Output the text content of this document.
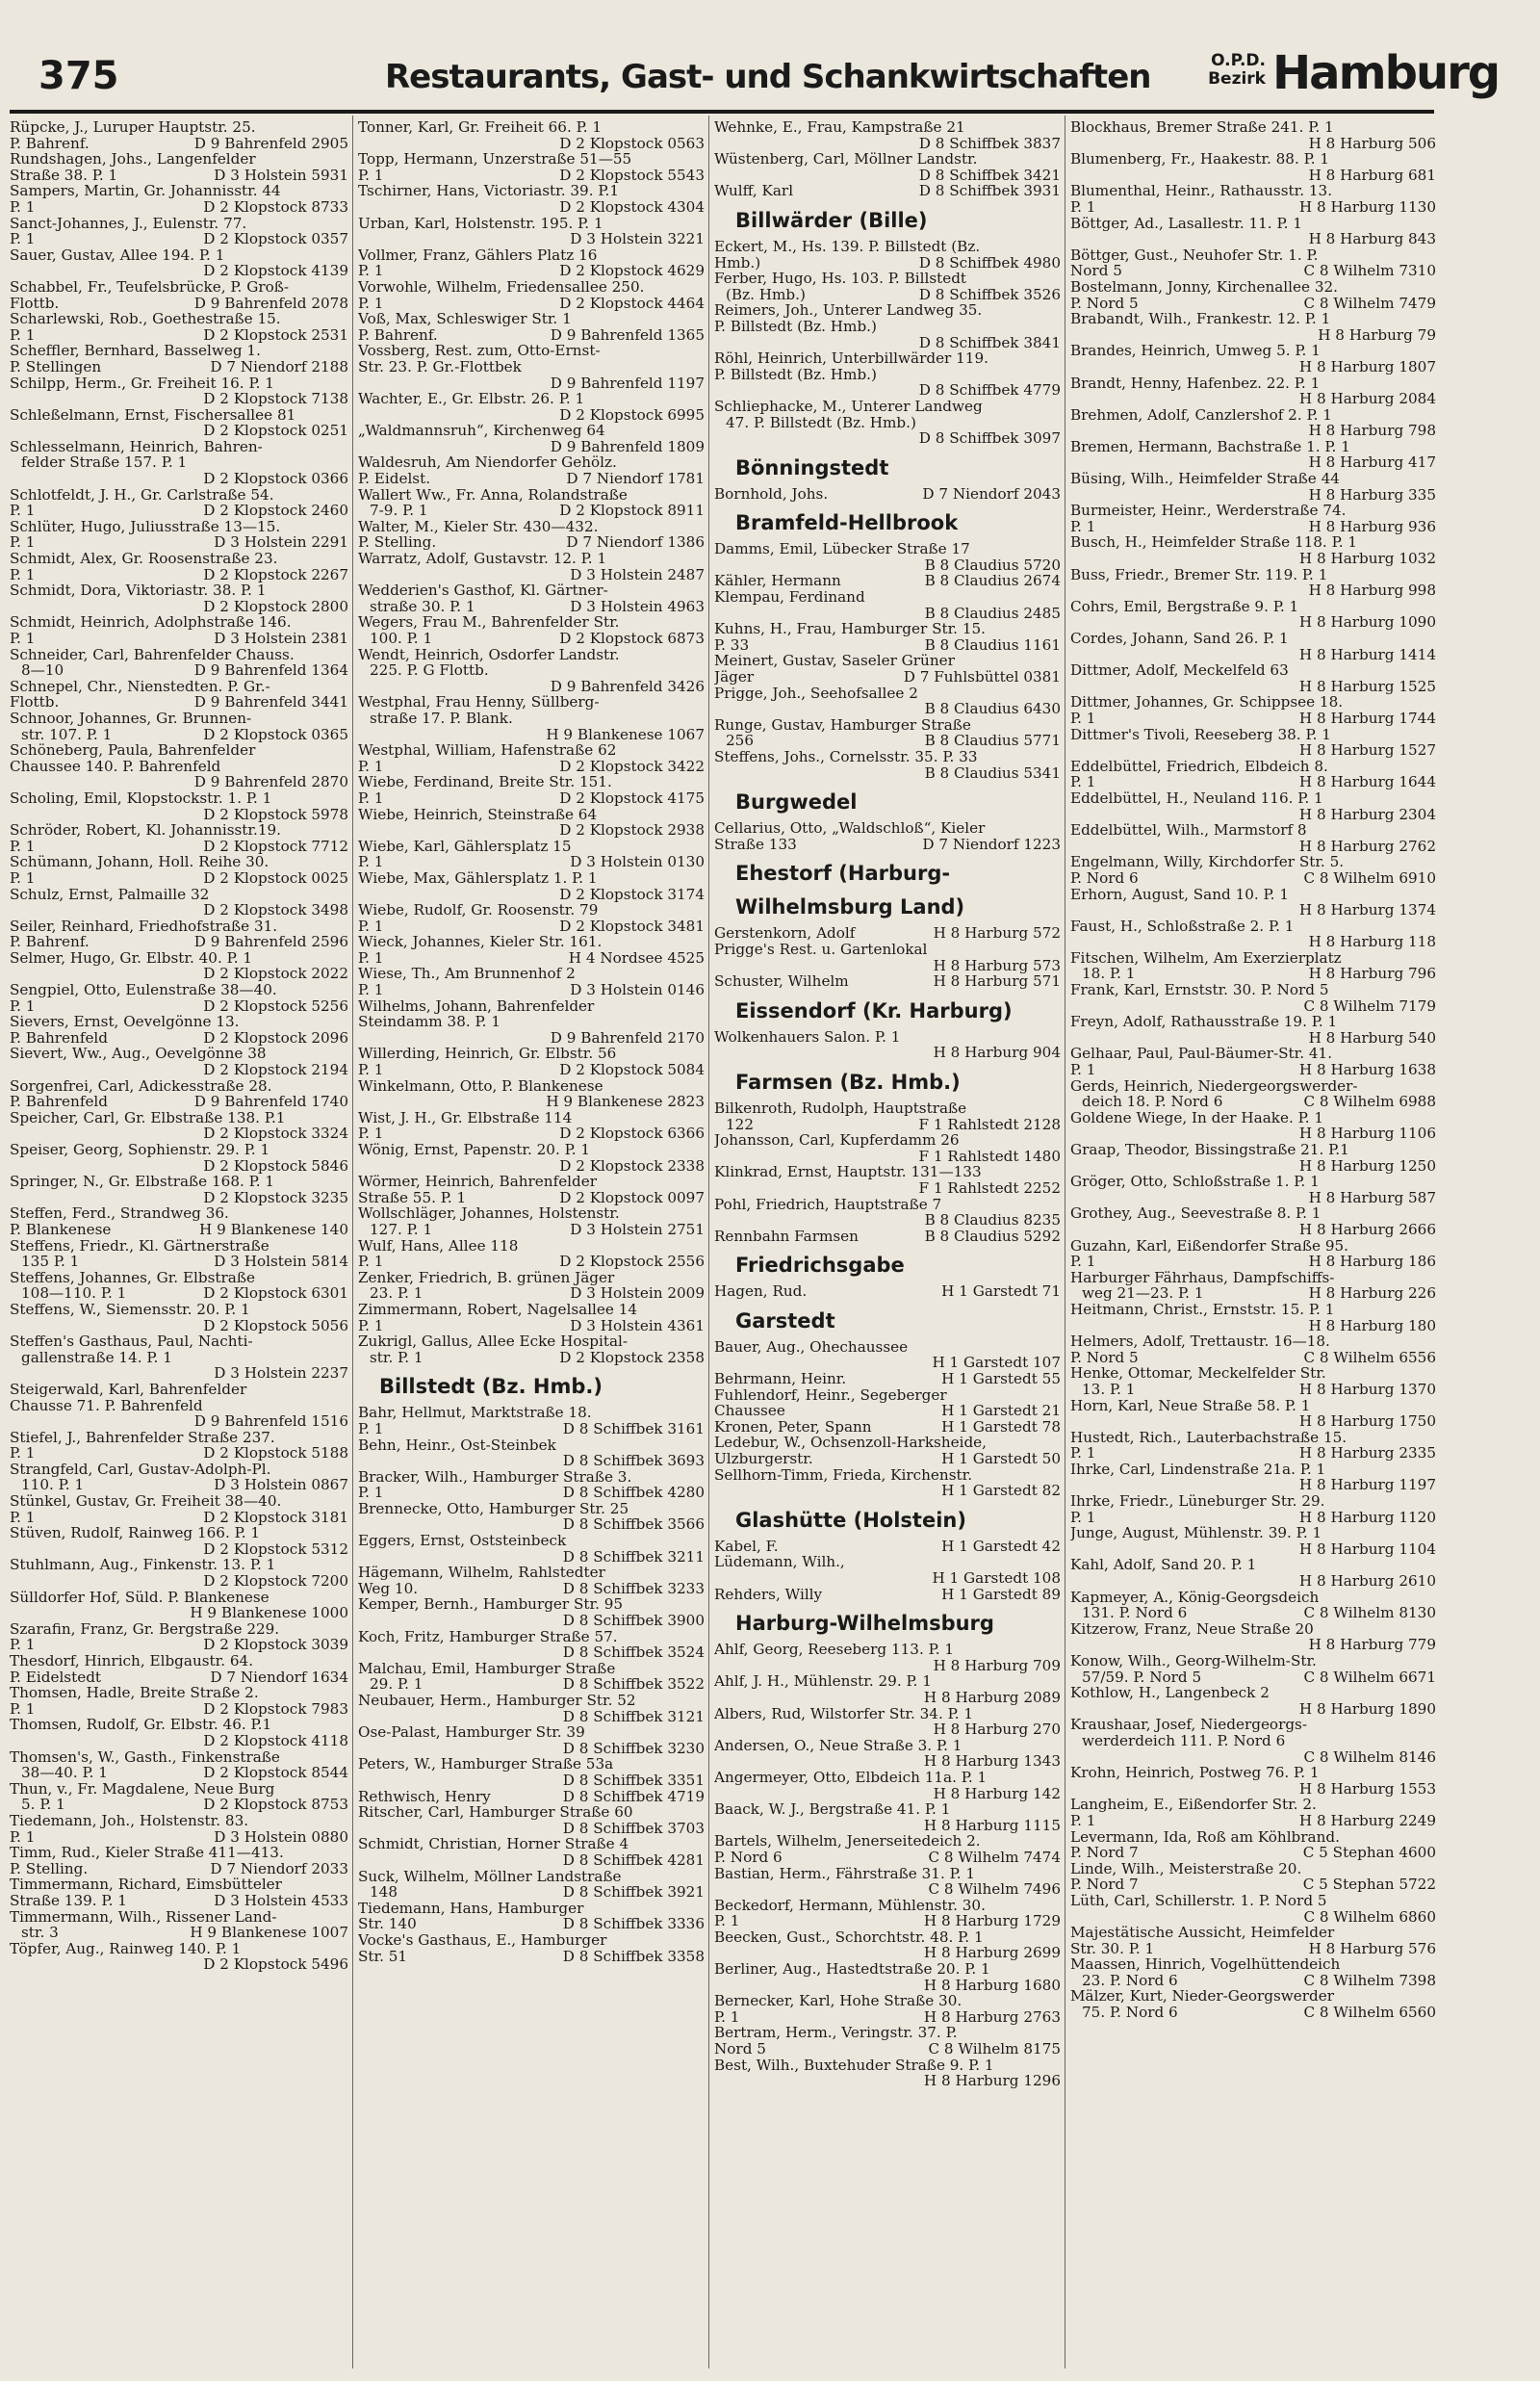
375	Restaurants, Gast- und Schankwirtschaften	O.P.D.
Bezirk Hamburg
Rüpcke, J., Luruper Hauptstr. 25.
D 9 Bahrenfeld 2905
P. Bahrenf.
Rundshagen, Johs., Langenfelder
D 3 Holstein 5931
Straße 38. P. 1
Sampers, Martin, Gr. Johannisstr. 44
D 2 Klopstock 8733
P. 1
Sanct-Johannes, J., Eulenstr. 77.
D 2 Klopstock 0357
P. 1
Sauer, Gustav, Allee 194. P. 1
D 2 Klopstock 4139
Schabbel, Fr., Teufelsbrücke, P. Groß-
D 9 Bahrenfeld 2078
Flottb.
Scharlewski, Rob., Goethestraße 15.
D 2 Klopstock 2531
P. 1
Scheffler, Bernhard, Basselweg 1.
D 7 Niendorf 2188
P. Stellingen
Schilpp, Herm., Gr. Freiheit 16. P. 1
D 2 Klopstock 7138
Schleßelmann, Ernst, Fischersallee 81
D 2 Klopstock 0251
Schlesselmann, Heinrich, Bahren-
felder Straße 157. P. 1
D 2 Klopstock 0366
Schlotfeldt, J. H., Gr. Carlstraße 54.
D 2 Klopstock 2460
P. 1
Schlüter, Hugo, Juliusstraße 13—15.
D 3 Holstein 2291
P. 1
Schmidt, Alex, Gr. Roosenstraße 23.
D 2 Klopstock 2267
P. 1
Schmidt, Dora, Viktoriastr. 38. P. 1
D 2 Klopstock 2800
Schmidt, Heinrich, Adolphstraße 146.
D 3 Holstein 2381
P. 1
Schneider, Carl, Bahrenfelder Chauss.
D 9 Bahrenfeld 1364
8—10
Schnepel, Chr., Nienstedten. P. Gr.-
D 9 Bahrenfeld 3441
Flottb.
Schnoor, Johannes, Gr. Brunnen-
D 2 Klopstock 0365
str. 107. P. 1
Schöneberg, Paula, Bahrenfelder
Chaussee 140. P. Bahrenfeld
D 9 Bahrenfeld 2870
Scholing, Emil, Klopstockstr. 1. P. 1
D 2 Klopstock 5978
Schröder, Robert, Kl. Johannisstr.19.
D 2 Klopstock 7712
P. 1
Schümann, Johann, Holl. Reihe 30.
D 2 Klopstock 0025
P. 1
Schulz, Ernst, Palmaille 32
D 2 Klopstock 3498
Seiler, Reinhard, Friedhofstraße 31.
D 9 Bahrenfeld 2596
P. Bahrenf.
Selmer, Hugo, Gr. Elbstr. 40. P. 1
D 2 Klopstock 2022
Sengpiel, Otto, Eulenstraße 38—40.
D 2 Klopstock 5256
P. 1
Sievers, Ernst, Oevelgönne 13.
D 2 Klopstock 2096
P. Bahrenfeld
Sievert, Ww., Aug., Oevelgönne 38
D 2 Klopstock 2194
Sorgenfrei, Carl, Adickesstraße 28.
D 9 Bahrenfeld 1740
P. Bahrenfeld
Speicher, Carl, Gr. Elbstraße 138. P.1
D 2 Klopstock 3324
Speiser, Georg, Sophienstr. 29. P. 1
D 2 Klopstock 5846
Springer, N., Gr. Elbstraße 168. P. 1
D 2 Klopstock 3235
Steffen, Ferd., Strandweg 36.
H 9 Blankenese 140
P. Blankenese
Steffens, Friedr., Kl. Gärtnerstraße
D 3 Holstein 5814
135 P. 1
Steffens, Johannes, Gr. Elbstraße
D 2 Klopstock 6301
108—110. P. 1
Steffens, W., Siemensstr. 20. P. 1
D 2 Klopstock 5056
Steffen's Gasthaus, Paul, Nachti-
gallenstraße 14. P. 1
D 3 Holstein 2237
Steigerwald, Karl, Bahrenfelder
Chausse 71. P. Bahrenfeld
D 9 Bahrenfeld 1516
Stiefel, J., Bahrenfelder Straße 237.
D 2 Klopstock 5188
P. 1
Strangfeld, Carl, Gustav-Adolph-Pl.
D 3 Holstein 0867
110. P. 1
Stünkel, Gustav, Gr. Freiheit 38—40.
D 2 Klopstock 3181
P. 1
Stüven, Rudolf, Rainweg 166. P. 1
D 2 Klopstock 5312
Stuhlmann, Aug., Finkenstr. 13. P. 1
D 2 Klopstock 7200
Sülldorfer Hof, Süld. P. Blankenese
H 9 Blankenese 1000
Szarafin, Franz, Gr. Bergstraße 229.
D 2 Klopstock 3039
P. 1
Thesdorf, Hinrich, Elbgaustr. 64.
D 7 Niendorf 1634
P. Eidelstedt
Thomsen, Hadle, Breite Straße 2.
D 2 Klopstock 7983
P. 1
Thomsen, Rudolf, Gr. Elbstr. 46. P.1
D 2 Klopstock 4118
Thomsen's, W., Gasth., Finkenstraße
D 2 Klopstock 8544
38—40. P. 1
Thun, v., Fr. Magdalene, Neue Burg
D 2 Klopstock 8753
5. P. 1
Tiedemann, Joh., Holstenstr. 83.
D 3 Holstein 0880
P. 1
Timm, Rud., Kieler Straße 411—413.
D 7 Niendorf 2033
P. Stelling.
Timmermann, Richard, Eimsbütteler
D 3 Holstein 4533
Straße 139. P. 1
Timmermann, Wilh., Rissener Land-
H 9 Blankenese 1007
str. 3
Töpfer, Aug., Rainweg 140. P. 1
D 2 Klopstock 5496
Tonner, Karl, Gr. Freiheit 66. P. 1
D 2 Klopstock 0563
Topp, Hermann, Unzerstraße 51—55
D 2 Klopstock 5543
P. 1
Tschirner, Hans, Victoriastr. 39. P.1
D 2 Klopstock 4304
Urban, Karl, Holstenstr. 195. P. 1
D 3 Holstein 3221
Vollmer, Franz, Gählers Platz 16
D 2 Klopstock 4629
P. 1
Vorwohle, Wilhelm, Friedensallee 250.
D 2 Klopstock 4464
P. 1
Voß, Max, Schleswiger Str. 1
D 9 Bahrenfeld 1365
P. Bahrenf.
Vossberg, Rest. zum, Otto-Ernst-
Str. 23. P. Gr.-Flottbek
D 9 Bahrenfeld 1197
Wachter, E., Gr. Elbstr. 26. P. 1
D 2 Klopstock 6995
„Waldmannsruh“, Kirchenweg 64
D 9 Bahrenfeld 1809
Waldesruh, Am Niendorfer Gehölz.
D 7 Niendorf 1781
P. Eidelst.
Wallert Ww., Fr. Anna, Rolandstraße
D 2 Klopstock 8911
7-9. P. 1
Walter, M., Kieler Str. 430—432.
D 7 Niendorf 1386
P. Stelling.
Warratz, Adolf, Gustavstr. 12. P. 1
D 3 Holstein 2487
Wedderien's Gasthof, Kl. Gärtner-
D 3 Holstein 4963
straße 30. P. 1
Wegers, Frau M., Bahrenfelder Str.
D 2 Klopstock 6873
100. P. 1
Wendt, Heinrich, Osdorfer Landstr.
225. P. G Flottb.
D 9 Bahrenfeld 3426
Westphal, Frau Henny, Süllberg-
straße 17. P. Blank.
H 9 Blankenese 1067
Westphal, William, Hafenstraße 62
D 2 Klopstock 3422
P. 1
Wiebe, Ferdinand, Breite Str. 151.
D 2 Klopstock 4175
P. 1
Wiebe, Heinrich, Steinstraße 64
D 2 Klopstock 2938
Wiebe, Karl, Gählersplatz 15
D 3 Holstein 0130
P. 1
Wiebe, Max, Gählersplatz 1. P. 1
D 2 Klopstock 3174
Wiebe, Rudolf, Gr. Roosenstr. 79
D 2 Klopstock 3481
P. 1
Wieck, Johannes, Kieler Str. 161.
H 4 Nordsee 4525
P. 1
Wiese, Th., Am Brunnenhof 2
D 3 Holstein 0146
P. 1
Wilhelms, Johann, Bahrenfelder
Steindamm 38. P. 1
D 9 Bahrenfeld 2170
Willerding, Heinrich, Gr. Elbstr. 56
D 2 Klopstock 5084
P. 1
Winkelmann, Otto, P. Blankenese
H 9 Blankenese 2823
Wist, J. H., Gr. Elbstraße 114
D 2 Klopstock 6366
P. 1
Wönig, Ernst, Papenstr. 20. P. 1
D 2 Klopstock 2338
Wörmer, Heinrich, Bahrenfelder
D 2 Klopstock 0097
Straße 55. P. 1
Wollschläger, Johannes, Holstenstr.
D 3 Holstein 2751
127. P. 1
Wulf, Hans, Allee 118
D 2 Klopstock 2556
P. 1
Zenker, Friedrich, B. grünen Jäger
D 3 Holstein 2009
23. P. 1
Zimmermann, Robert, Nagelsallee 14
D 3 Holstein 4361
P. 1
Zukrigl, Gallus, Allee Ecke Hospital-
D 2 Klopstock 2358
str. P. 1
Billstedt (Bz. Hmb.)
Bahr, Hellmut, Marktstraße 18.
D 8 Schiffbek 3161
P. 1
Behn, Heinr., Ost-Steinbek
D 8 Schiffbek 3693
Bracker, Wilh., Hamburger Straße 3.
D 8 Schiffbek 4280
P. 1
Brennecke, Otto, Hamburger Str. 25
D 8 Schiffbek 3566
Eggers, Ernst, Oststeinbeck
D 8 Schiffbek 3211
Hägemann, Wilhelm, Rahlstedter
D 8 Schiffbek 3233
Weg 10.
Kemper, Bernh., Hamburger Str. 95
D 8 Schiffbek 3900
Koch, Fritz, Hamburger Straße 57.
D 8 Schiffbek 3524
Malchau, Emil, Hamburger Straße
D 8 Schiffbek 3522
29. P. 1
Neubauer, Herm., Hamburger Str. 52
D 8 Schiffbek 3121
Ose-Palast, Hamburger Str. 39
D 8 Schiffbek 3230
Peters, W., Hamburger Straße 53a
D 8 Schiffbek 3351
D 8 Schiffbek 4719
Rethwisch, Henry
Ritscher, Carl, Hamburger Straße 60
D 8 Schiffbek 3703
Schmidt, Christian, Horner Straße 4
D 8 Schiffbek 4281
Suck, Wilhelm, Möllner Landstraße
D 8 Schiffbek 3921
148
Tiedemann, Hans, Hamburger
D 8 Schiffbek 3336
Str. 140
Vocke's Gasthaus, E., Hamburger
D 8 Schiffbek 3358
Str. 51
Wehnke, E., Frau, Kampstraße 21
D 8 Schiffbek 3837
Wüstenberg, Carl, Möllner Landstr.
D 8 Schiffbek 3421
D 8 Schiffbek 3931
Wulff, Karl
Billwärder (Bille)
Eckert, M., Hs. 139. P. Billstedt (Bz.
D 8 Schiffbek 4980
Hmb.)
Ferber, Hugo, Hs. 103. P. Billstedt
D 8 Schiffbek 3526
(Bz. Hmb.)
Reimers, Joh., Unterer Landweg 35.
P. Billstedt (Bz. Hmb.)
D 8 Schiffbek 3841
Röhl, Heinrich, Unterbillwärder 119.
P. Billstedt (Bz. Hmb.)
D 8 Schiffbek 4779
Schliephacke, M., Unterer Landweg
47. P. Billstedt (Bz. Hmb.)
D 8 Schiffbek 3097
Bönningstedt
D 7 Niendorf 2043
Bornhold, Johs.
Bramfeld-Hellbrook
Damms, Emil, Lübecker Straße 17
B 8 Claudius 5720
B 8 Claudius 2674
Kähler, Hermann
Klempau, Ferdinand
B 8 Claudius 2485
Kuhns, H., Frau, Hamburger Str. 15.
B 8 Claudius 1161
P. 33
Meinert, Gustav, Saseler Grüner
D 7 Fuhlsbüttel 0381
Jäger
Prigge, Joh., Seehofsallee 2
B 8 Claudius 6430
Runge, Gustav, Hamburger Straße
B 8 Claudius 5771
256
Steffens, Johs., Cornelsstr. 35. P. 33
B 8 Claudius 5341
Burgwedel
Cellarius, Otto, „Waldschloß“, Kieler
D 7 Niendorf 1223
Straße 133
Ehestorf (Harburg-
Wilhelmsburg Land)
H 8 Harburg 572
Gerstenkorn, Adolf
Prigge's Rest. u. Gartenlokal
H 8 Harburg 573
H 8 Harburg 571
Schuster, Wilhelm
Eissendorf (Kr. Harburg)
Wolkenhauers Salon. P. 1
H 8 Harburg 904
Farmsen (Bz. Hmb.)
Bilkenroth, Rudolph, Hauptstraße
F 1 Rahlstedt 2128
122
Johansson, Carl, Kupferdamm 26
F 1 Rahlstedt 1480
Klinkrad, Ernst, Hauptstr. 131—133
F 1 Rahlstedt 2252
Pohl, Friedrich, Hauptstraße 7
B 8 Claudius 8235
B 8 Claudius 5292
Rennbahn Farmsen
Friedrichsgabe
H 1 Garstedt 71
Hagen, Rud.
Garstedt
Bauer, Aug., Ohechaussee
H 1 Garstedt 107
H 1 Garstedt 55
Behrmann, Heinr.
Fuhlendorf, Heinr., Segeberger
H 1 Garstedt 21
Chaussee
H 1 Garstedt 78
Kronen, Peter, Spann
Ledebur, W., Ochsenzoll-Harksheide,
H 1 Garstedt 50
Ulzburgerstr.
Sellhorn-Timm, Frieda, Kirchenstr.
H 1 Garstedt 82
Glashütte (Holstein)
H 1 Garstedt 42
Kabel, F.
Lüdemann, Wilh.,
H 1 Garstedt 108
H 1 Garstedt 89
Rehders, Willy
Harburg-Wilhelmsburg
Ahlf, Georg, Reeseberg 113. P. 1
H 8 Harburg 709
Ahlf, J. H., Mühlenstr. 29. P. 1
H 8 Harburg 2089
Albers, Rud, Wilstorfer Str. 34. P. 1
H 8 Harburg 270
Andersen, O., Neue Straße 3. P. 1
H 8 Harburg 1343
Angermeyer, Otto, Elbdeich 11a. P. 1
H 8 Harburg 142
Baack, W. J., Bergstraße 41. P. 1
H 8 Harburg 1115
Bartels, Wilhelm, Jenerseitedeich 2.
C 8 Wilhelm 7474
P. Nord 6
Bastian, Herm., Fährstraße 31. P. 1
C 8 Wilhelm 7496
Beckedorf, Hermann, Mühlenstr. 30.
H 8 Harburg 1729
P. 1
Beecken, Gust., Schorchtstr. 48. P. 1
H 8 Harburg 2699
Berliner, Aug., Hastedtstraße 20. P. 1
H 8 Harburg 1680
Bernecker, Karl, Hohe Straße 30.
H 8 Harburg 2763
P. 1
Bertram, Herm., Veringstr. 37. P.
C 8 Wilhelm 8175
Nord 5
Best, Wilh., Buxtehuder Straße 9. P. 1
H 8 Harburg 1296
Blockhaus, Bremer Straße 241. P. 1
H 8 Harburg 506
Blumenberg, Fr., Haakestr. 88. P. 1
H 8 Harburg 681
Blumenthal, Heinr., Rathausstr. 13.
H 8 Harburg 1130
P. 1
Böttger, Ad., Lasallestr. 11. P. 1
H 8 Harburg 843
Böttger, Gust., Neuhofer Str. 1. P.
C 8 Wilhelm 7310
Nord 5
Bostelmann, Jonny, Kirchenallee 32.
C 8 Wilhelm 7479
P. Nord 5
Brabandt, Wilh., Frankestr. 12. P. 1
H 8 Harburg 79
Brandes, Heinrich, Umweg 5. P. 1
H 8 Harburg 1807
Brandt, Henny, Hafenbez. 22. P. 1
H 8 Harburg 2084
Brehmen, Adolf, Canzlershof 2. P. 1
H 8 Harburg 798
Bremen, Hermann, Bachstraße 1. P. 1
H 8 Harburg 417
Büsing, Wilh., Heimfelder Straße 44
H 8 Harburg 335
Burmeister, Heinr., Werderstraße 74.
H 8 Harburg 936
P. 1
Busch, H., Heimfelder Straße 118. P. 1
H 8 Harburg 1032
Buss, Friedr., Bremer Str. 119. P. 1
H 8 Harburg 998
Cohrs, Emil, Bergstraße 9. P. 1
H 8 Harburg 1090
Cordes, Johann, Sand 26. P. 1
H 8 Harburg 1414
Dittmer, Adolf, Meckelfeld 63
H 8 Harburg 1525
Dittmer, Johannes, Gr. Schippsee 18.
H 8 Harburg 1744
P. 1
Dittmer's Tivoli, Reeseberg 38. P. 1
H 8 Harburg 1527
Eddelbüttel, Friedrich, Elbdeich 8.
H 8 Harburg 1644
P. 1
Eddelbüttel, H., Neuland 116. P. 1
H 8 Harburg 2304
Eddelbüttel, Wilh., Marmstorf 8
H 8 Harburg 2762
Engelmann, Willy, Kirchdorfer Str. 5.
C 8 Wilhelm 6910
P. Nord 6
Erhorn, August, Sand 10. P. 1
H 8 Harburg 1374
Faust, H., Schloßstraße 2. P. 1
H 8 Harburg 118
Fitschen, Wilhelm, Am Exerzierplatz
H 8 Harburg 796
18. P. 1
Frank, Karl, Ernststr. 30. P. Nord 5
C 8 Wilhelm 7179
Freyn, Adolf, Rathausstraße 19. P. 1
H 8 Harburg 540
Gelhaar, Paul, Paul-Bäumer-Str. 41.
H 8 Harburg 1638
P. 1
Gerds, Heinrich, Niedergeorgswerder-
C 8 Wilhelm 6988
deich 18. P. Nord 6
Goldene Wiege, In der Haake. P. 1
H 8 Harburg 1106
Graap, Theodor, Bissingstraße 21. P.1
H 8 Harburg 1250
Gröger, Otto, Schloßstraße 1. P. 1
H 8 Harburg 587
Grothey, Aug., Seevestraße 8. P. 1
H 8 Harburg 2666
Guzahn, Karl, Eißendorfer Straße 95.
H 8 Harburg 186
P. 1
Harburger Fährhaus, Dampfschiffs-
H 8 Harburg 226
weg 21—23. P. 1
Heitmann, Christ., Ernststr. 15. P. 1
H 8 Harburg 180
Helmers, Adolf, Trettaustr. 16—18.
C 8 Wilhelm 6556
P. Nord 5
Henke, Ottomar, Meckelfelder Str.
H 8 Harburg 1370
13. P. 1
Horn, Karl, Neue Straße 58. P. 1
H 8 Harburg 1750
Hustedt, Rich., Lauterbachstraße 15.
H 8 Harburg 2335
P. 1
Ihrke, Carl, Lindenstraße 21a. P. 1
H 8 Harburg 1197
Ihrke, Friedr., Lüneburger Str. 29.
H 8 Harburg 1120
P. 1
Junge, August, Mühlenstr. 39. P. 1
H 8 Harburg 1104
Kahl, Adolf, Sand 20. P. 1
H 8 Harburg 2610
Kapmeyer, A., König-Georgsdeich
C 8 Wilhelm 8130
131. P. Nord 6
Kitzerow, Franz, Neue Straße 20
H 8 Harburg 779
Konow, Wilh., Georg-Wilhelm-Str.
C 8 Wilhelm 6671
57/59. P. Nord 5
Kothlow, H., Langenbeck 2
H 8 Harburg 1890
Kraushaar, Josef, Niedergeorgs-
werderdeich 111. P. Nord 6
C 8 Wilhelm 8146
Krohn, Heinrich, Postweg 76. P. 1
H 8 Harburg 1553
Langheim, E., Eißendorfer Str. 2.
H 8 Harburg 2249
P. 1
Levermann, Ida, Roß am Köhlbrand.
C 5 Stephan 4600
P. Nord 7
Linde, Wilh., Meisterstraße 20.
C 5 Stephan 5722
P. Nord 7
Lüth, Carl, Schillerstr. 1. P. Nord 5
C 8 Wilhelm 6860
Majestätische Aussicht, Heimfelder
H 8 Harburg 576
Str. 30. P. 1
Maassen, Hinrich, Vogelhüttendeich
C 8 Wilhelm 7398
23. P. Nord 6
Mälzer, Kurt, Nieder-Georgswerder
C 8 Wilhelm 6560
75. P. Nord 6
